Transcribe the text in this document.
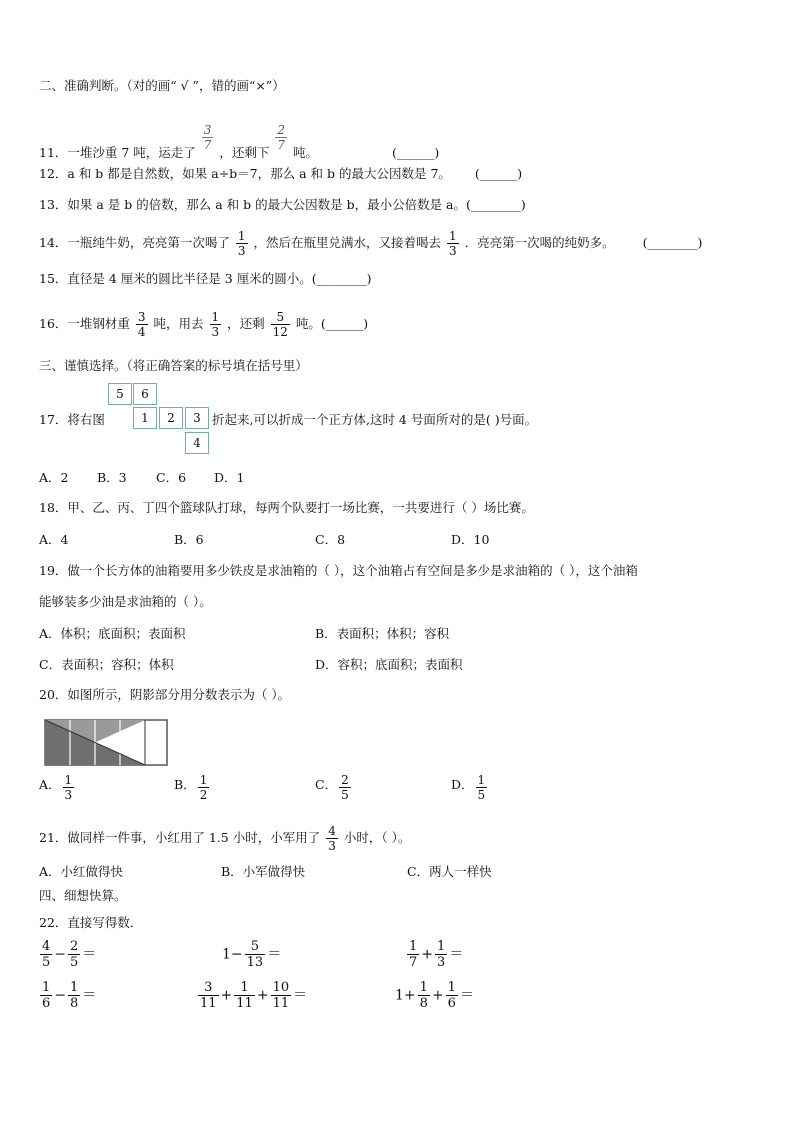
二、准确判断。（对的画“ √ ”，错的画“×”）
11．一堆沙重 7 吨，运走了
$\frac{3}{7}$
，还剩下
$\frac{2}{7}$
吨。	(______)
12．a 和 b 都是自然数，如果 a÷b＝7，那么 a 和 b 的最大公因数是 7。 (______)
13．如果 a 是 b 的倍数，那么 a 和 b 的最大公因数是 b，最小公倍数是 a。(________)
14．一瓶纯牛奶，亮亮第一次喝了 $\frac{1}{3}$ ，然后在瓶里兑满水，又接着喝去 $\frac{1}{3}$ ．亮亮第一次喝的纯奶多。 (________)
15．直径是 4 厘米的圆比半径是 3 厘米的圆小。(________)
16．一堆钢材重 $\frac{3}{4}$ 吨，用去 $\frac{1}{3}$ ，还剩 $\frac{5}{12}$ 吨。(______)
三、谨慎选择。（将正确答案的标号填在括号里）
5	6
1	2	3
4
17．将右图	折起来,可以折成一个正方体,这时 4 号面所对的是( )号面。
A．2 B．3 C．6 D．1
18．甲、乙、丙、丁四个篮球队打球，每两个队要打一场比赛，一共要进行（ ）场比赛。
A．4	B．6	C．8	D．10
19．做一个长方体的油箱要用多少铁皮是求油箱的（ ），这个油箱占有空间是多少是求油箱的（ ），这个油箱
能够装多少油是求油箱的（ ）。
A．体积；底面积；表面积	B．表面积；体积；容积
C．表面积；容积；体积	D．容积；底面积；表面积
20．如图所示，阴影部分用分数表示为（ ）。
A． $\frac{1}{3}$	B． $\frac{1}{2}$	C． $\frac{2}{5}$	D． $\frac{1}{5}$
21．做同样一件事，小红用了 1.5 小时，小军用了 $\frac{4}{3}$ 小时，（ ）。
A．小红做得快	B．小军做得快	C．两人一样快
四、细想快算。
22．直接写得数．
$\frac{4}{5} - \frac{2}{5}$ ＝	$1- \frac{5}{13}$ ＝	$\frac{1}{7} + \frac{1}{3}$ ＝
$\frac{1}{6} - \frac{1}{8}$ ＝	$\frac{3}{11} + \frac{1}{11} + \frac{10}{11}$ ＝	$1+ \frac{1}{8} + \frac{1}{6}$ ＝
